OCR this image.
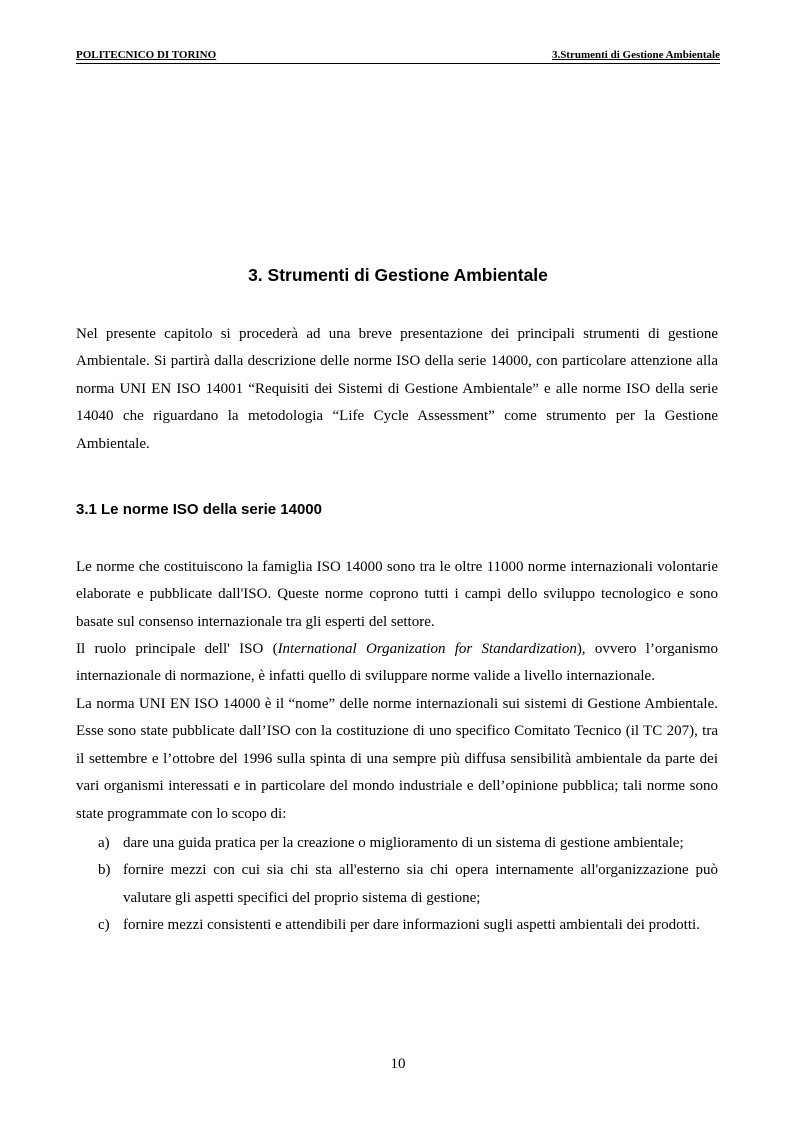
POLITECNICO DI TORINO	3.Strumenti di Gestione Ambientale
3. Strumenti di Gestione Ambientale

Nel presente capitolo si procederà ad una breve presentazione dei principali strumenti di gestione Ambientale. Si partirà dalla descrizione delle norme ISO della serie 14000, con particolare attenzione alla norma UNI EN ISO 14001 “Requisiti dei Sistemi di Gestione Ambientale” e alle norme ISO della serie 14040 che riguardano la metodologia “Life Cycle Assessment” come strumento per la Gestione Ambientale.

3.1 Le norme ISO della serie 14000

Le norme che costituiscono la famiglia ISO 14000 sono tra le oltre 11000 norme internazionali volontarie elaborate e pubblicate dall'ISO. Queste norme coprono tutti i campi dello sviluppo tecnologico e sono basate sul consenso internazionale tra gli esperti del settore.

Il ruolo principale dell' ISO (International Organization for Standardization), ovvero l’organismo internazionale di normazione, è infatti quello di sviluppare norme valide a livello internazionale.

La norma UNI EN ISO 14000 è il “nome” delle norme internazionali sui sistemi di Gestione Ambientale. Esse sono state pubblicate dall’ISO con la costituzione di uno specifico Comitato Tecnico (il TC 207), tra il settembre e l’ottobre del 1996 sulla spinta di una sempre più diffusa sensibilità ambientale da parte dei vari organismi interessati e in particolare del mondo industriale e dell’opinione pubblica; tali norme sono state programmate con lo scopo di:

a) dare una guida pratica per la creazione o miglioramento di un sistema di gestione ambientale;
b) fornire mezzi con cui sia chi sta all'esterno sia chi opera internamente all'organizzazione può valutare gli aspetti specifici del proprio sistema di gestione;
c) fornire mezzi consistenti e attendibili per dare informazioni sugli aspetti ambientali dei prodotti.
10
